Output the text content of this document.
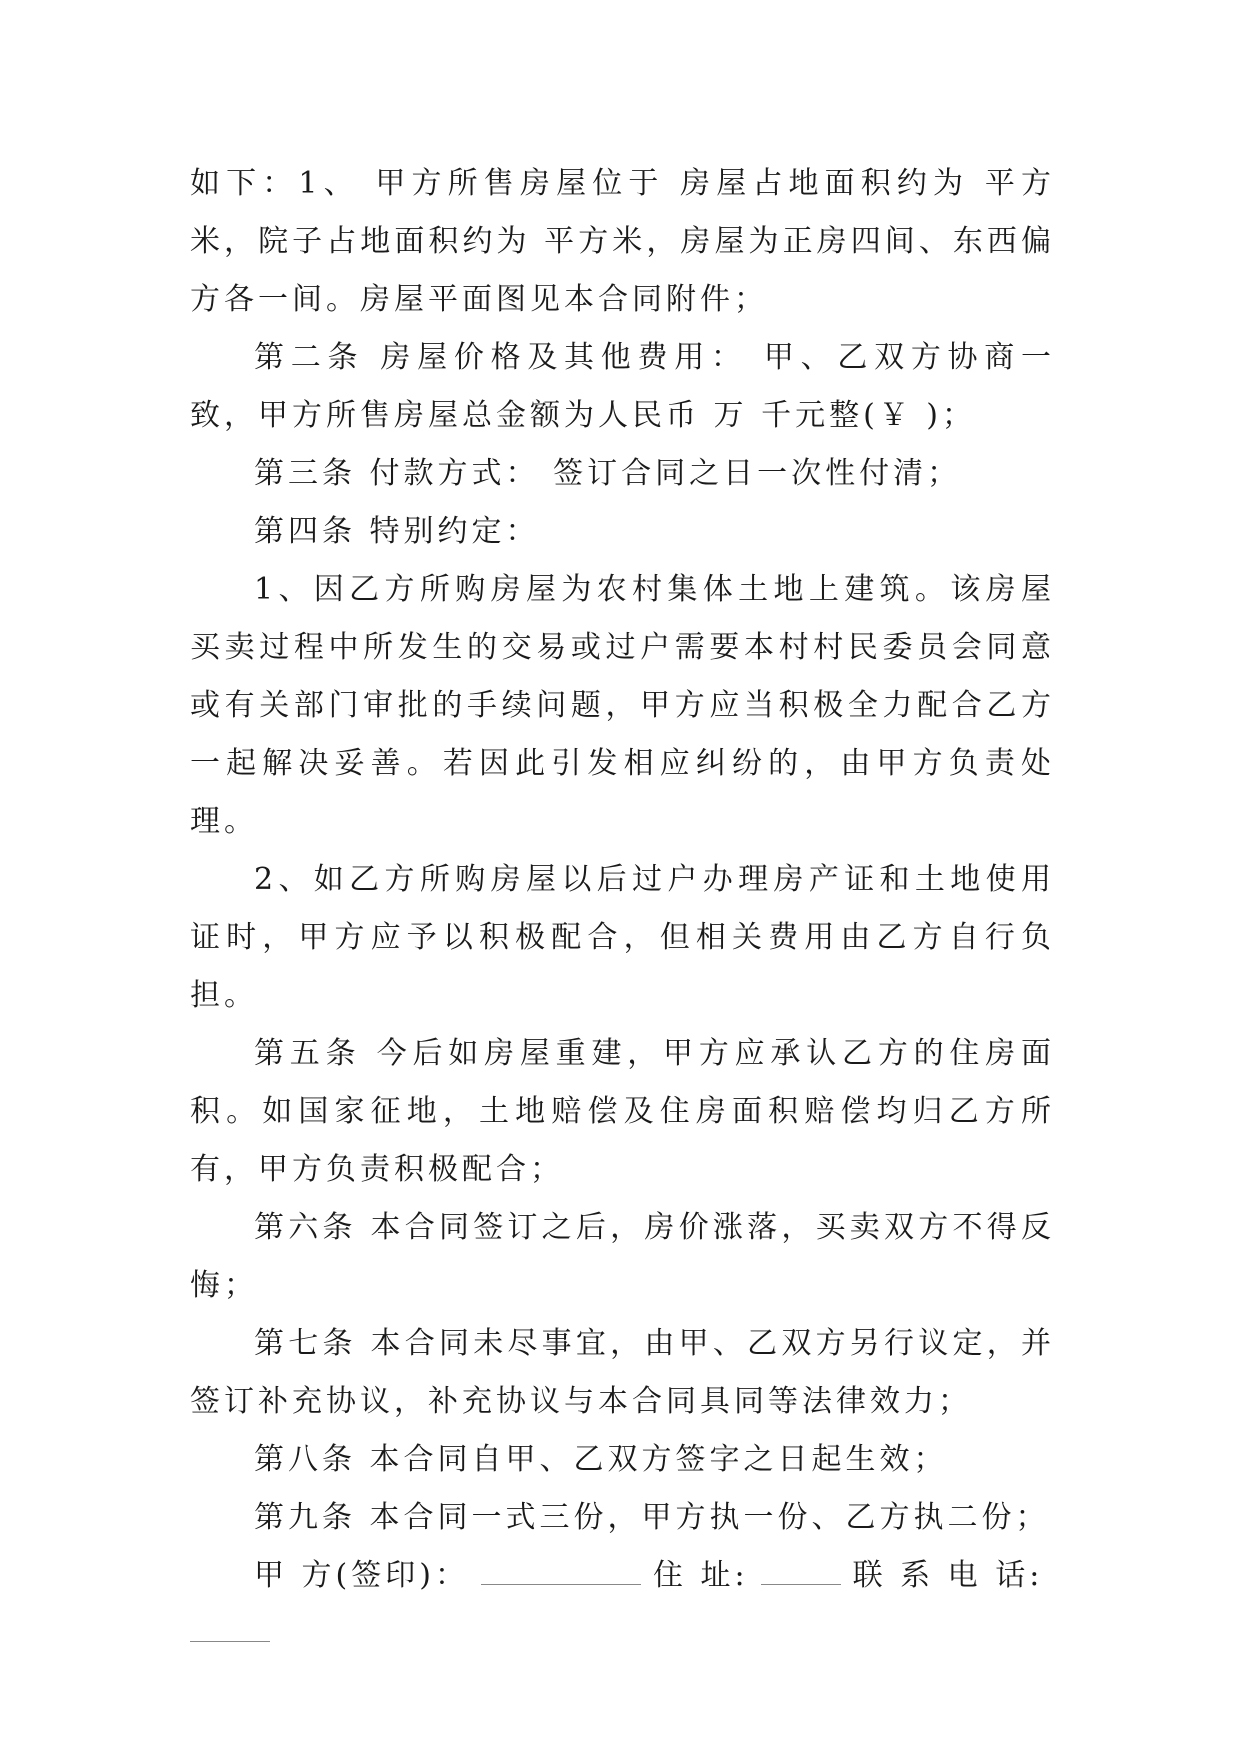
如下：1、 甲方所售房屋位于 房屋占地面积约为 平方米，院子占地面积约为 平方米，房屋为正房四间、东西偏方各一间。房屋平面图见本合同附件；

第二条 房屋价格及其他费用： 甲、乙双方协商一致，甲方所售房屋总金额为人民币 万 千元整(￥ )；

第三条 付款方式： 签订合同之日一次性付清；

第四条 特别约定：

1、因乙方所购房屋为农村集体土地上建筑。该房屋买卖过程中所发生的交易或过户需要本村村民委员会同意或有关部门审批的手续问题，甲方应当积极全力配合乙方一起解决妥善。若因此引发相应纠纷的，由甲方负责处理。

2、如乙方所购房屋以后过户办理房产证和土地使用证时，甲方应予以积极配合，但相关费用由乙方自行负担。

第五条 今后如房屋重建，甲方应承认乙方的住房面积。如国家征地，土地赔偿及住房面积赔偿均归乙方所有，甲方负责积极配合；

第六条 本合同签订之后，房价涨落，买卖双方不得反悔；

第七条 本合同未尽事宜，由甲、乙双方另行议定，并签订补充协议，补充协议与本合同具同等法律效力；

第八条 本合同自甲、乙双方签字之日起生效；

第九条 本合同一式三份，甲方执一份、乙方执二份；

甲 方(签印)：	住 址:	联 系 电 话:
